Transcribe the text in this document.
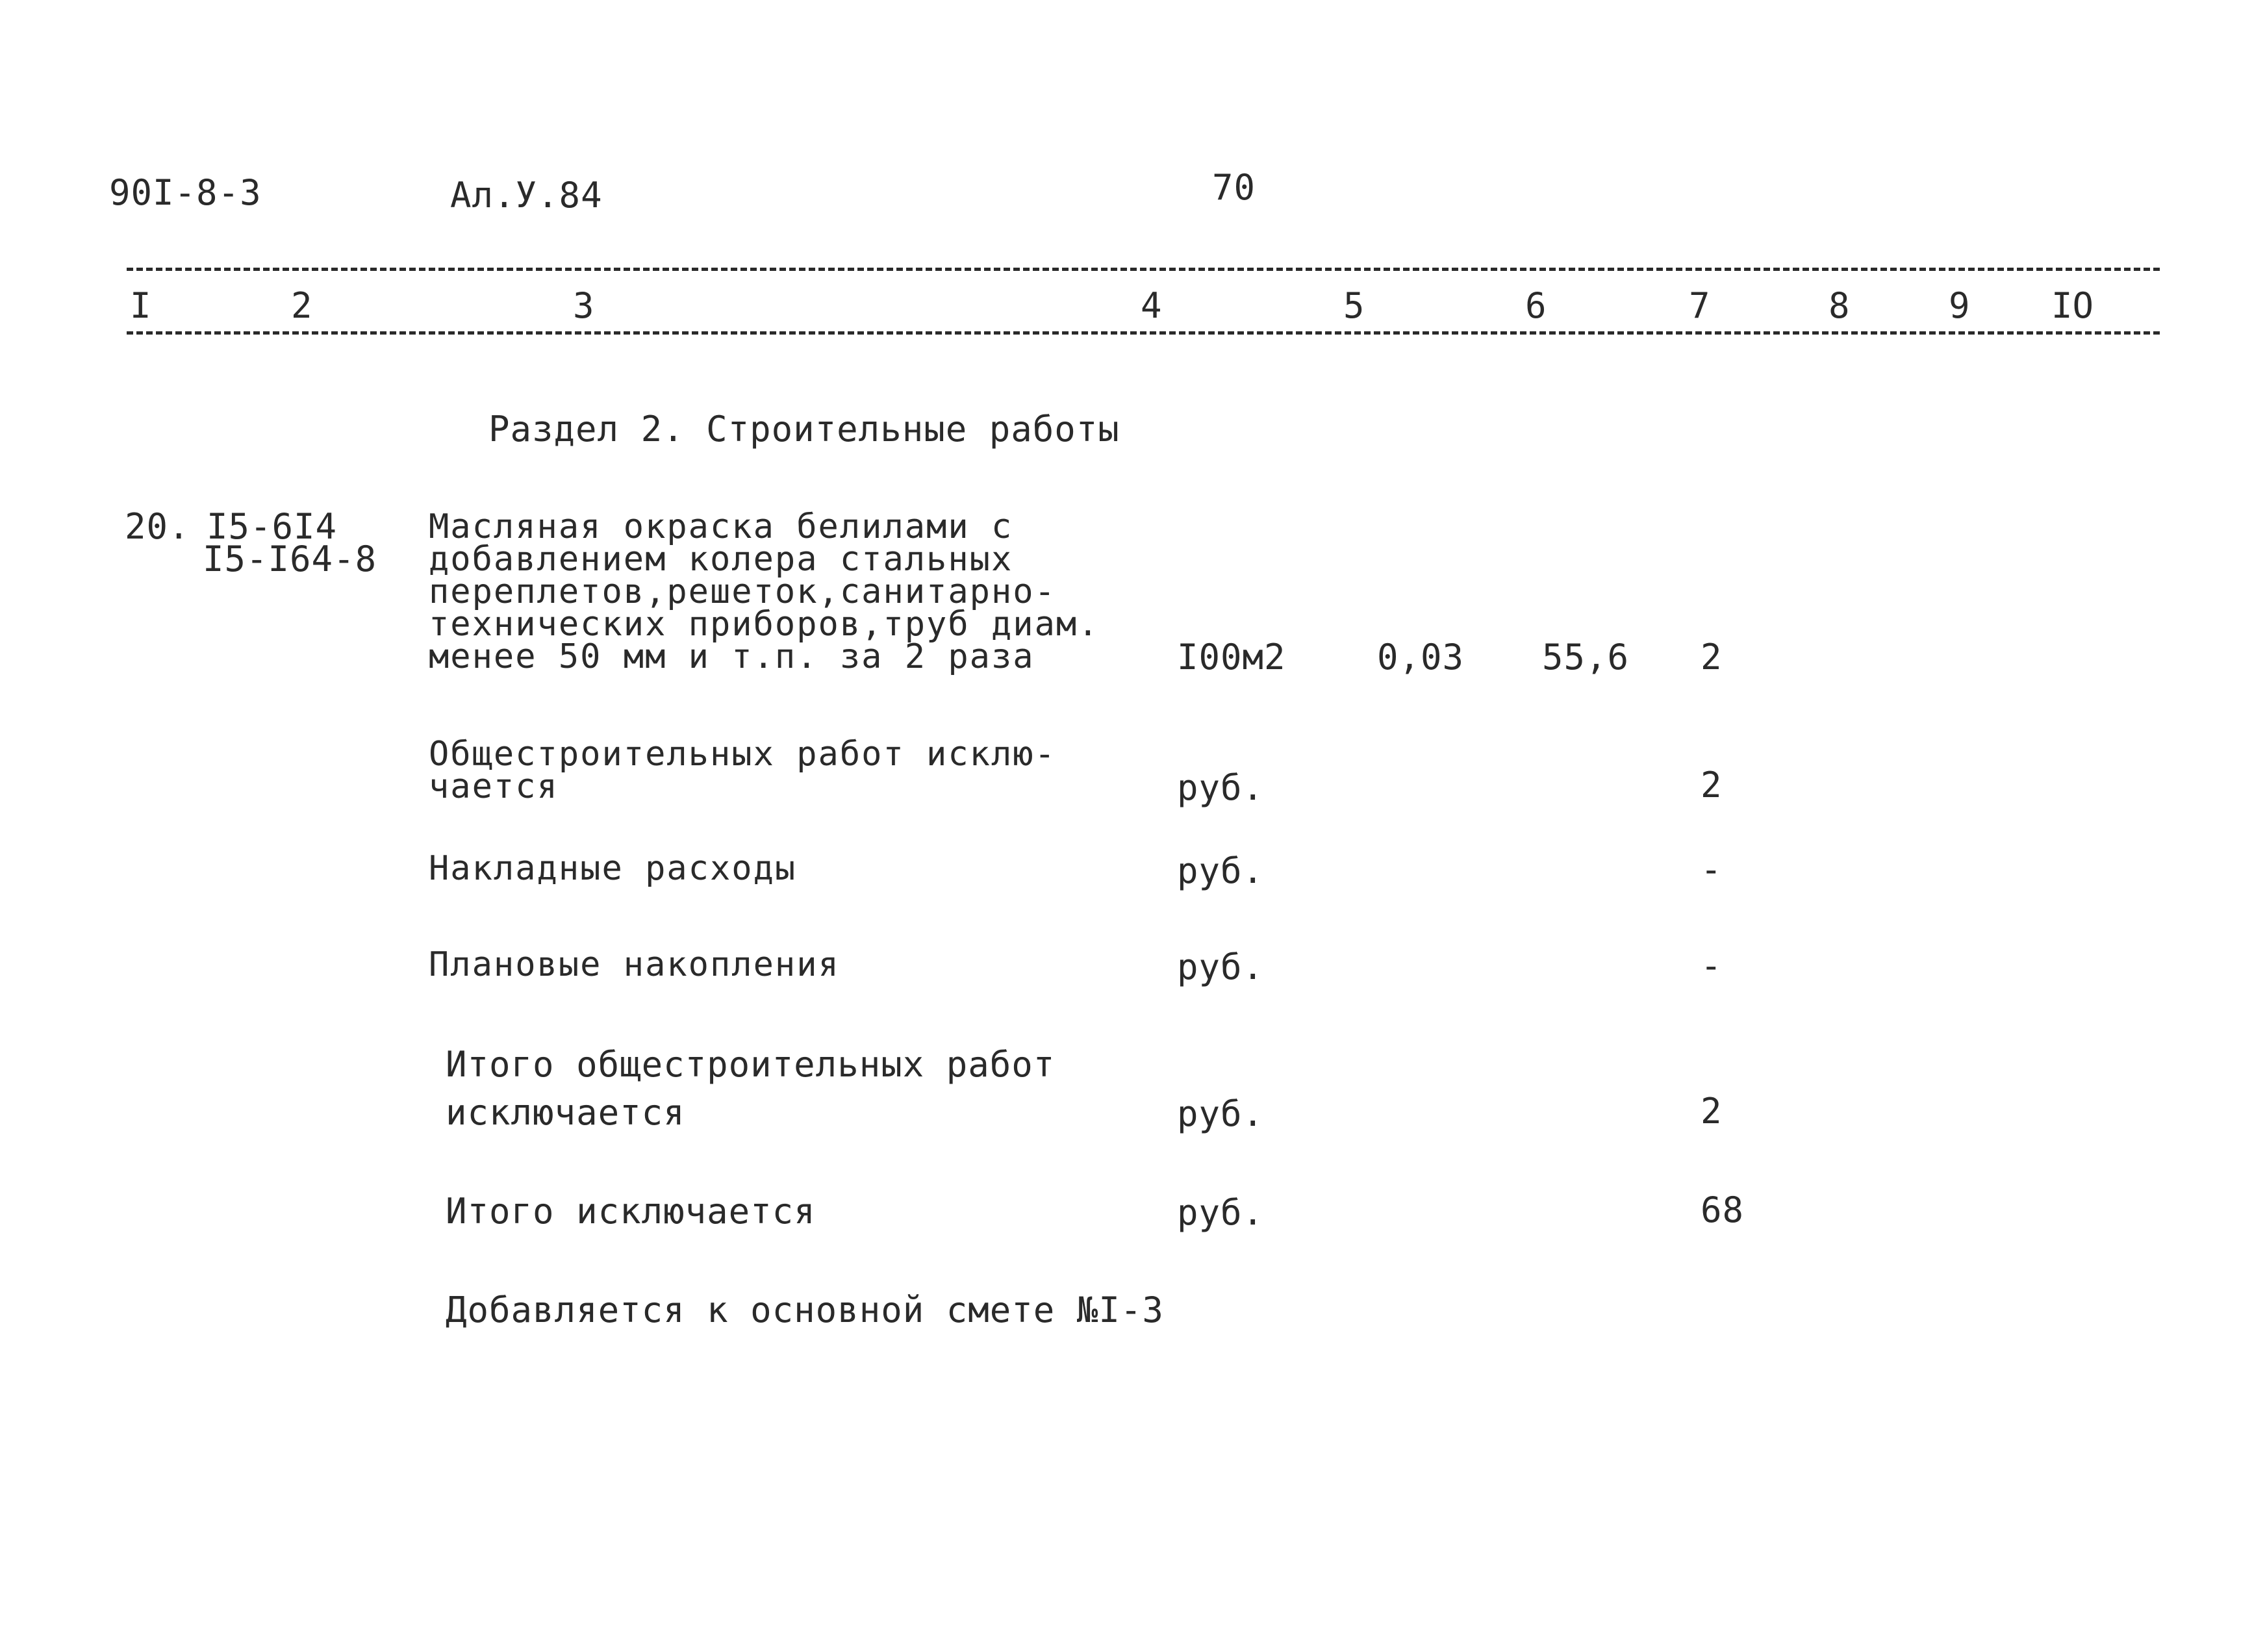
90I-8-3	Ал.У.84	70
I	2	3	4	5	6	7	8	9 IO
Раздел 2. Строительные работы
20. I5-6I4
I5-I64-8
Масляная окраска белилами с
добавлением колера стальных
переплетов,решеток,санитарно-
технических приборов,труб диам.
менее 50 мм и т.п. за 2 раза	I00м2	0,03 55,6 2
Общестроительных работ исклю-
чается	руб.	2
Накладные расходы	руб.	-
Плановые накопления	руб.	-
Итого общестроительных работ
исключается	руб.	2
Итого исключается	руб.	68
Добавляется к основной смете №I-3
